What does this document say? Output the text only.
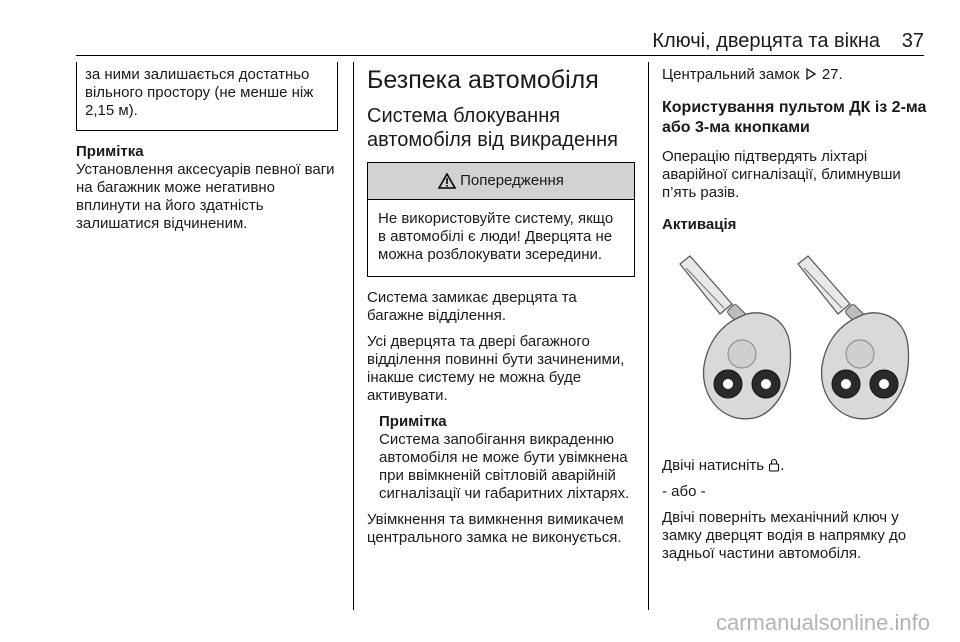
Ключі, дверцята та вікна 37
за ними залишається достатньо вільного простору (не менше ніж 2,15 м).
Примітка
Установлення аксесуарів певної ваги на багажник може негативно вплинути на його здатність залишатися відчиненим.
Безпека автомобіля
Система блокування автомобіля від викрадення
Попередження
Не використовуйте систему, якщо в автомобілі є люди! Дверцята не можна розблокувати зсередини.

Система замикає дверцята та багажне відділення.

Усі дверцята та двері багажного відділення повинні бути зачиненими, інакше систему не можна буде активувати.

Примітка
Система запобігання викраденню автомобіля не може бути увімкнена при ввімкненій світловій аварійній сигналізації чи габаритних ліхтарях.

Увімкнення та вимкнення вимикачем центрального замка не виконується.

Центральний замок 27.

Користування пультом ДК із 2-ма або 3-ма кнопками

Операцію підтвердять ліхтарі аварійної сигналізації, блимнувши п’ять разів.

Активація

Двічі натисніть .

- або -

Двічі поверніть механічний ключ у замку дверцят водія в напрямку до задньої частини автомобіля.

carmanualsonline.info
